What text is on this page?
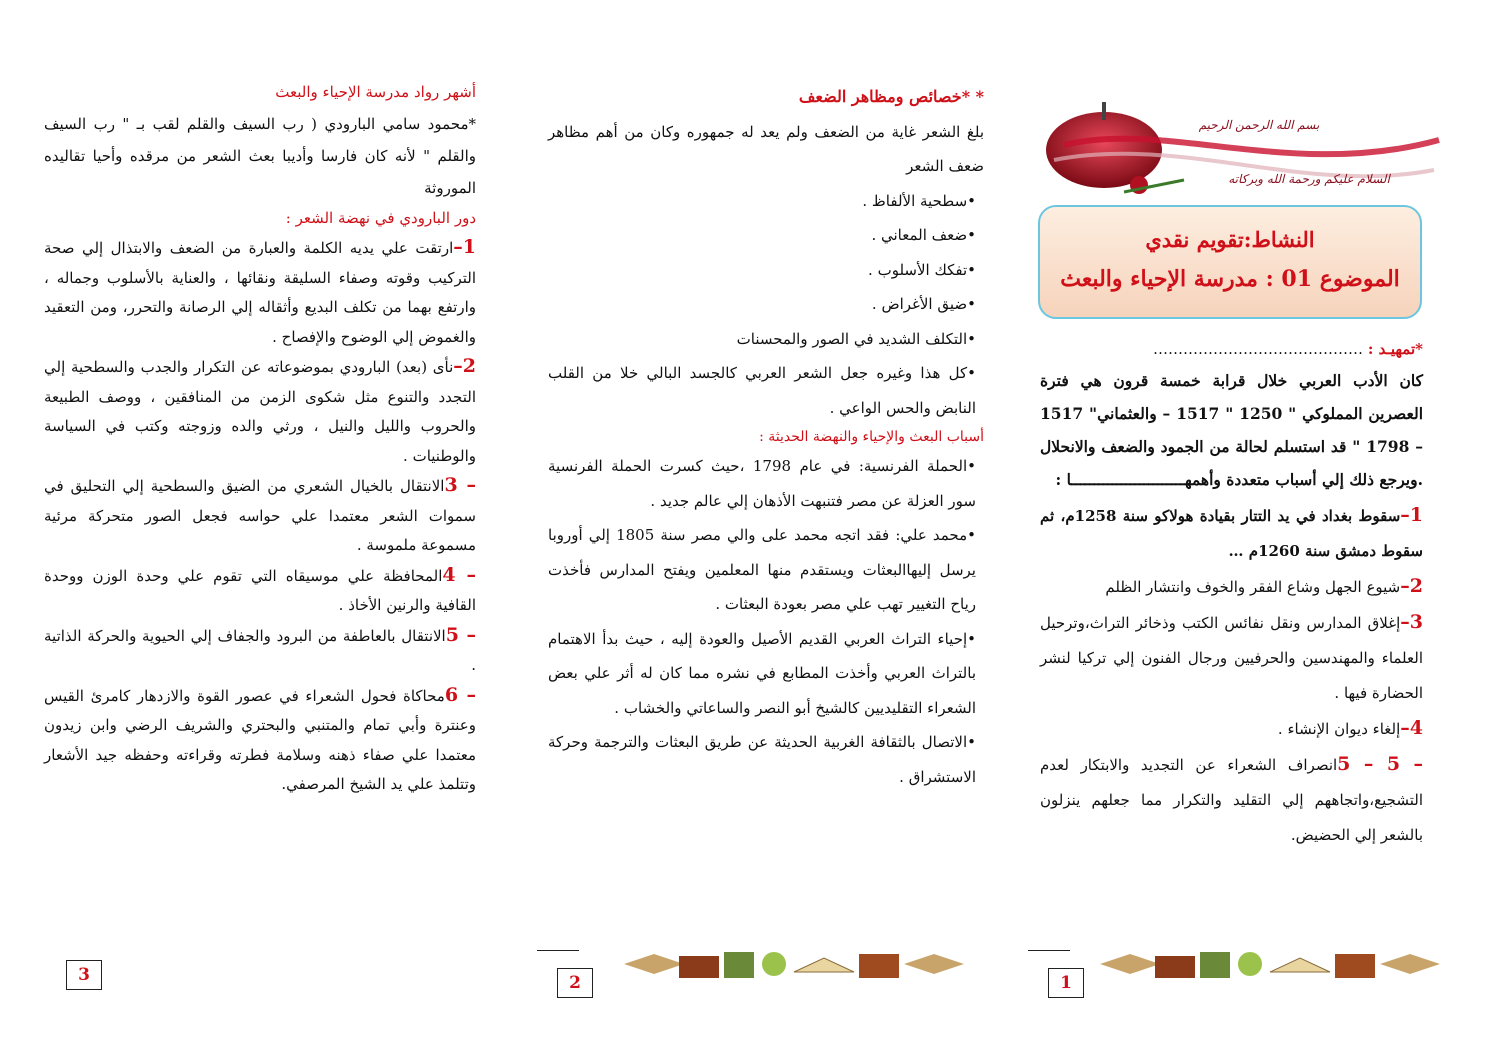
بسم الله الرحمن الرحيم
السلام عليكم ورحمة الله وبركاته
النشاط:تقويم نقدي
الموضوع 01 : مدرسة الإحياء والبعث

*تمهيـد : ……………………………………

كان الأدب العربي خلال قرابة خمسة قرون هي فترة العصرين المملوكي " 1250 " 1517 – والعثماني" 1517 – 1798 " قد استسلم لحالة من الجمود والضعف والانحلال .ويرجع ذلك إلي أسباب متعددة وأهمهـــــــــــــــــــــــــا :

1–سقوط بغداد في يد التتار بقيادة هولاكو سنة 1258م، ثم سقوط دمشق سنة 1260م …

2–شيوع الجهل وشاع الفقر والخوف وانتشار الظلم

3–إغلاق المدارس ونقل نفائس الكتب وذخائر التراث،وترحيل العلماء والمهندسين والحرفيين ورجال الفنون إلي تركيا لنشر الحضارة فيها .

4–إلغاء ديوان الإنشاء .

– 5 – 5انصراف الشعراء عن التجديد والابتكار لعدم التشجيع،واتجاههم إلي التقليد والتكرار مما جعلهم ينزلون بالشعر إلي الحضيض.

1

* *خصائص ومظاهر الضعف

بلغ الشعر غاية من الضعف ولم يعد له جمهوره وكان من أهم مظاهر ضعف الشعر

•سطحية الألفاظ .

•ضعف المعاني .

•تفكك الأسلوب .

•ضيق الأغراض .

•التكلف الشديد في الصور والمحسنات

•كل هذا وغيره جعل الشعر العربي كالجسد البالي خلا من القلب النابض والحس الواعي .

أسباب البعث والإحياء والنهضة الحديثة :

•الحملة الفرنسية: في عام 1798 ،حيث كسرت الحملة الفرنسية سور العزلة عن مصر فتنبهت الأذهان إلي عالم جديد .

•محمد علي: فقد اتجه محمد على والي مصر سنة 1805 إلي أوروبا يرسل إليهاالبعثات ويستقدم منها المعلمين ويفتح المدارس فأخذت رياح التغيير تهب علي مصر بعودة البعثات .

•إحياء التراث العربي القديم الأصيل والعودة إليه ، حيث بدأ الاهتمام بالتراث العربي وأخذت المطابع في نشره مما كان له أثر علي بعض الشعراء التقليديين كالشيخ أبو النصر والساعاتي والخشاب .

•الاتصال بالثقافة الغربية الحديثة عن طريق البعثات والترجمة وحركة الاستشراق .

2

أشهر رواد مدرسة الإحياء والبعث

*محمود سامي البارودي ( رب السيف والقلم لقب بـ " رب السيف والقلم " لأنه كان فارسا وأديبا بعث الشعر من مرقده وأحيا تقاليده الموروثة

دور البارودي في نهضة الشعر :

1–ارتقت علي يديه الكلمة والعبارة من الضعف والابتذال إلي صحة التركيب وقوته وصفاء السليقة ونقائها ، والعناية بالأسلوب وجماله ، وارتفع بهما من تكلف البديع وأثقاله إلي الرصانة والتحرر، ومن التعقيد والغموض إلي الوضوح والإفصاح .

2–نأى (بعد) البارودي بموضوعاته عن التكرار والجدب والسطحية إلي التجدد والتنوع مثل شكوى الزمن من المنافقين ، ووصف الطبيعة والحروب والليل والنيل ، ورثي والده وزوجته وكتب في السياسة والوطنيات .

– 3الانتقال بالخيال الشعري من الضيق والسطحية إلي التحليق في سموات الشعر معتمدا علي حواسه فجعل الصور متحركة مرئية مسموعة ملموسة .

– 4المحافظة علي موسيقاه التي تقوم علي وحدة الوزن ووحدة القافية والرنين الأخاذ .

– 5الانتقال بالعاطفة من البرود والجفاف إلي الحيوية والحركة الذاتية .

– 6محاكاة فحول الشعراء في عصور القوة والازدهار كامرئ القيس وعنترة وأبي تمام والمتنبي والبحتري والشريف الرضي وابن زيدون معتمدا علي صفاء ذهنه وسلامة فطرته وقراءته وحفظه جيد الأشعار وتتلمذ علي يد الشيخ المرصفي.

3
